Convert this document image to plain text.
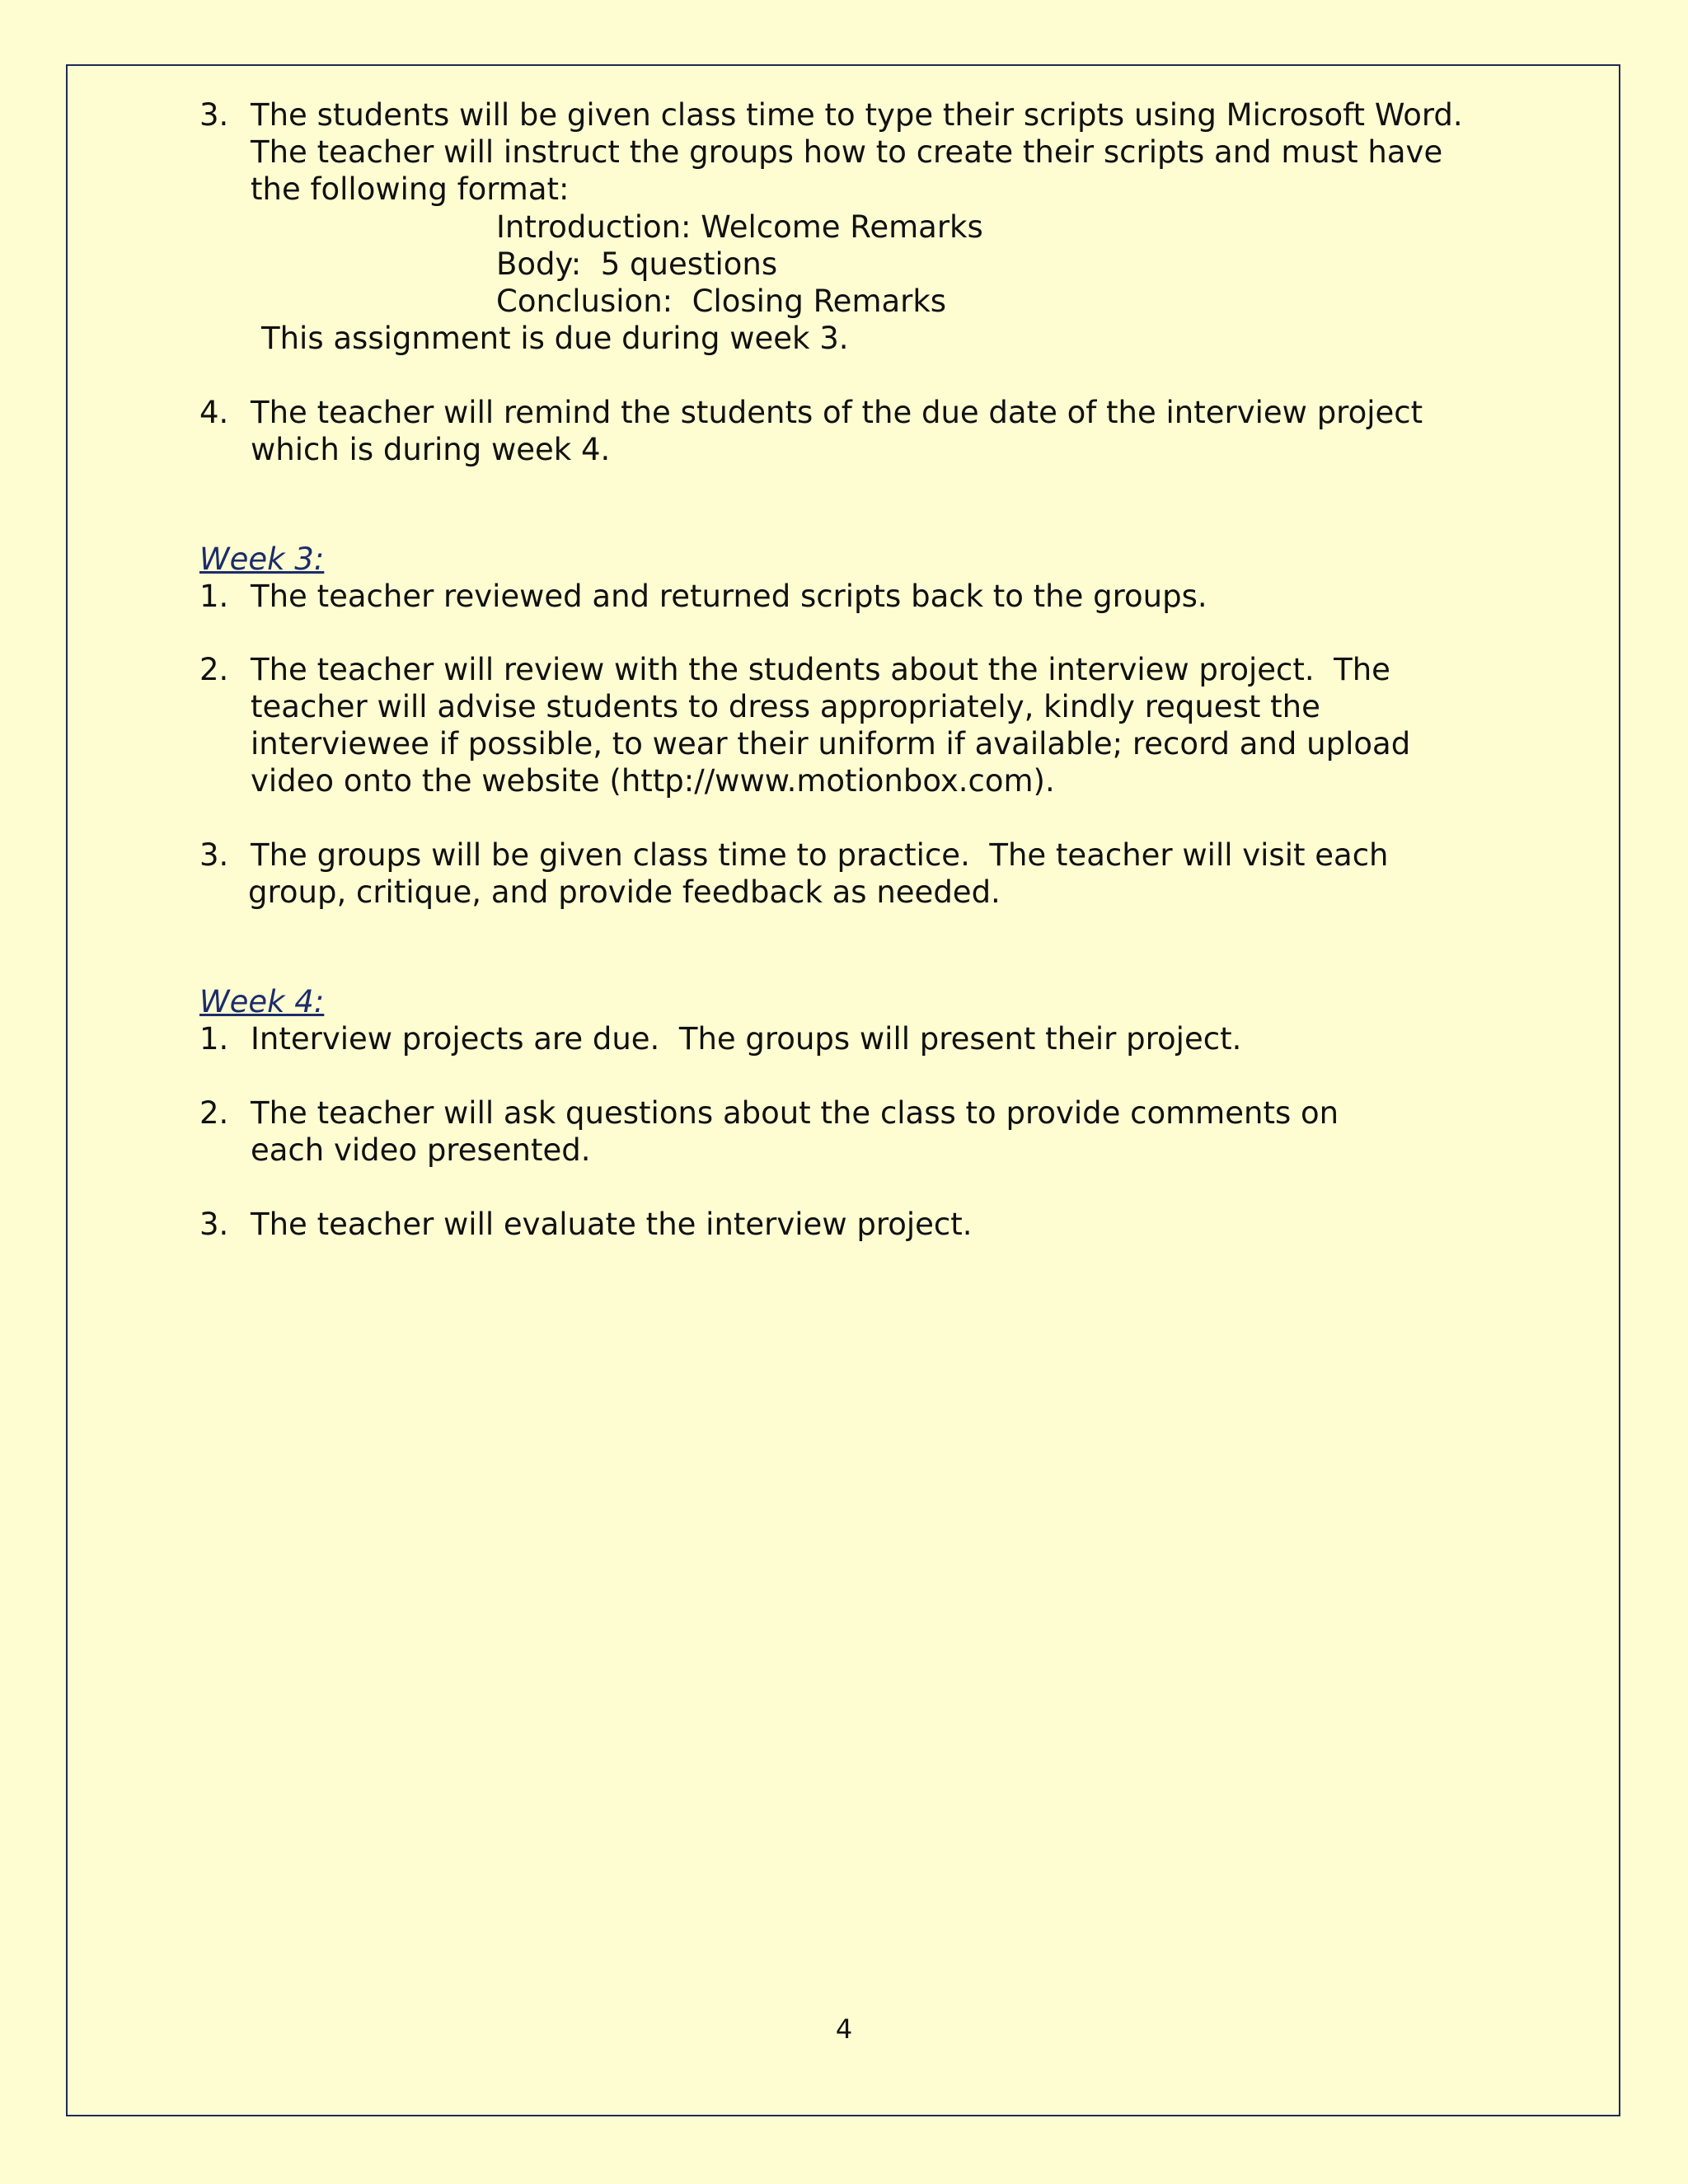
3. The students will be given class time to type their scripts using Microsoft Word.
The teacher will instruct the groups how to create their scripts and must have
the following format:
Introduction: Welcome Remarks
Body:  5 questions
Conclusion:  Closing Remarks
This assignment is due during week 3.
4. The teacher will remind the students of the due date of the interview project
which is during week 4.
Week 3:
1. The teacher reviewed and returned scripts back to the groups.
2. The teacher will review with the students about the interview project.  The
teacher will advise students to dress appropriately, kindly request the
interviewee if possible, to wear their uniform if available; record and upload
video onto the website (http://www.motionbox.com).
3. The groups will be given class time to practice.  The teacher will visit each
group, critique, and provide feedback as needed.
Week 4:
1. Interview projects are due.  The groups will present their project.
2. The teacher will ask questions about the class to provide comments on
each video presented.
3. The teacher will evaluate the interview project.
4
